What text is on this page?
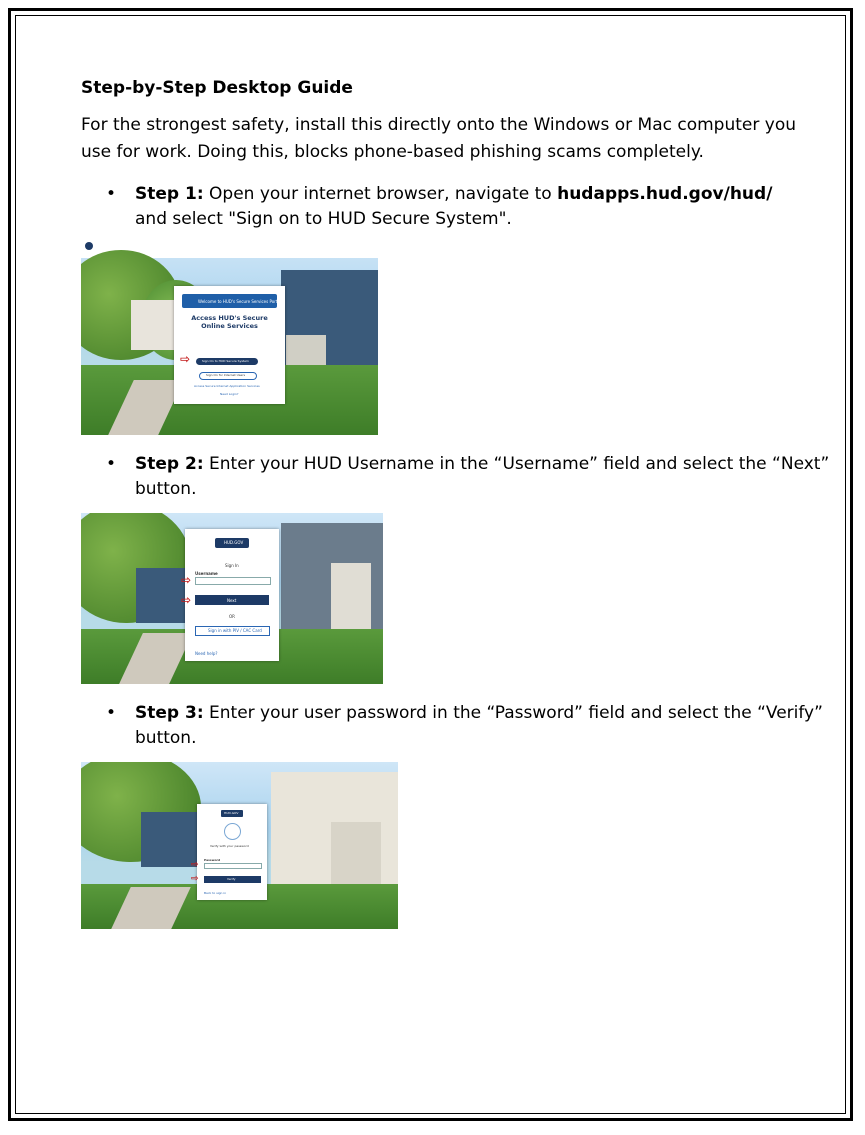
Step-by-Step Desktop Guide

For the strongest safety, install this directly onto the Windows or Mac computer you use for work. Doing this, blocks phone-based phishing scams completely.

• Step 1: Open your internet browser, navigate to hudapps.hud.gov/hud/ and select "Sign on to HUD Secure System".
Welcome to HUD's Secure Services Portal
Access HUD's Secure Online Services
Sign On to HUD Secure System
⇨
Sign On for Internet Users
Access Secure Internet Application Services
Need Login?
• Step 2: Enter your HUD Username in the “Username” field and select the “Next” button.
HUD.GOV
Sign In
Username
⇨
Next
⇨
OR
Sign in with PIV / CAC Card
Need help?
• Step 3: Enter your user password in the “Password” field and select the “Verify” button.
HUD.GOV
Verify with your password
Password
⇨
Verify
⇨
Back to sign in
